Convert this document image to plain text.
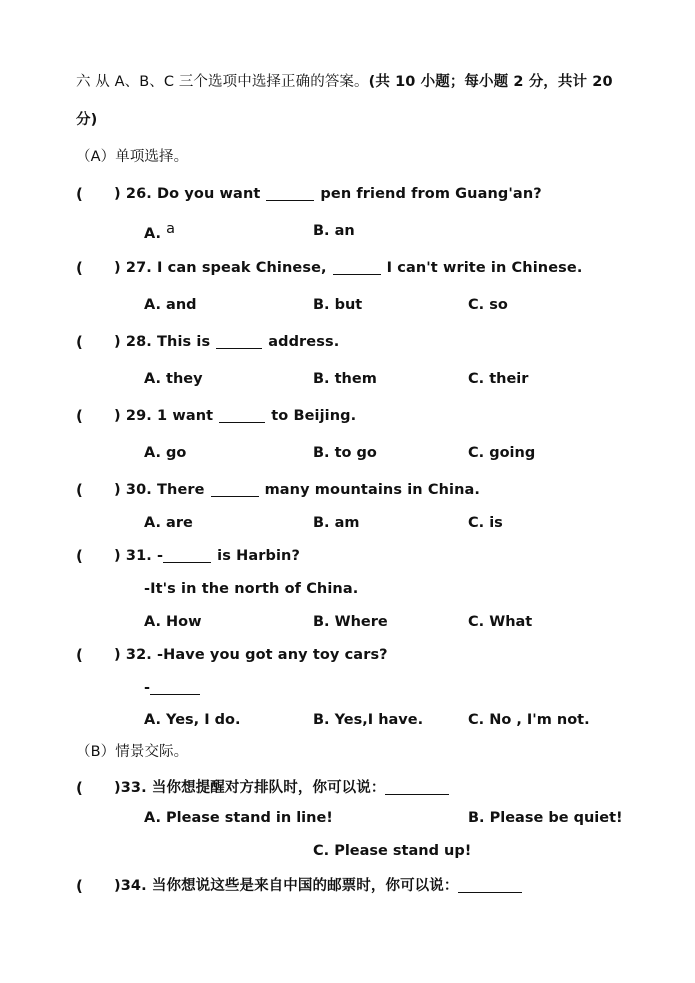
六 从 A、B、C 三个选项中选择正确的答案。(共 10 小题；每小题 2 分，共计 20
分)
（A）单项选择。
( ) 26. Do you want	pen friend from Guang'an?
A. a	B. an
( ) 27. I can speak Chinese,	I can't write in Chinese.
A. and	B. but	C. so
( ) 28. This is	address.
A. they	B. them	C. their
( ) 29. 1 want	to Beijing.
A. go	B. to go	C. going
( ) 30. There	many mountains in China.
A. are	B. am	C. is
( ) 31. -	is Harbin?
-It's in the north of China.
A. How	B. Where	C. What
( ) 32. -Have you got any toy cars?
-
A. Yes, I do.	B. Yes,I have.	C. No , I'm not.
（B）情景交际。
( )33. 当你想提醒对方排队时，你可以说：
A. Please stand in line!	B. Please be quiet!
C. Please stand up!
( )34. 当你想说这些是来自中国的邮票时，你可以说：
